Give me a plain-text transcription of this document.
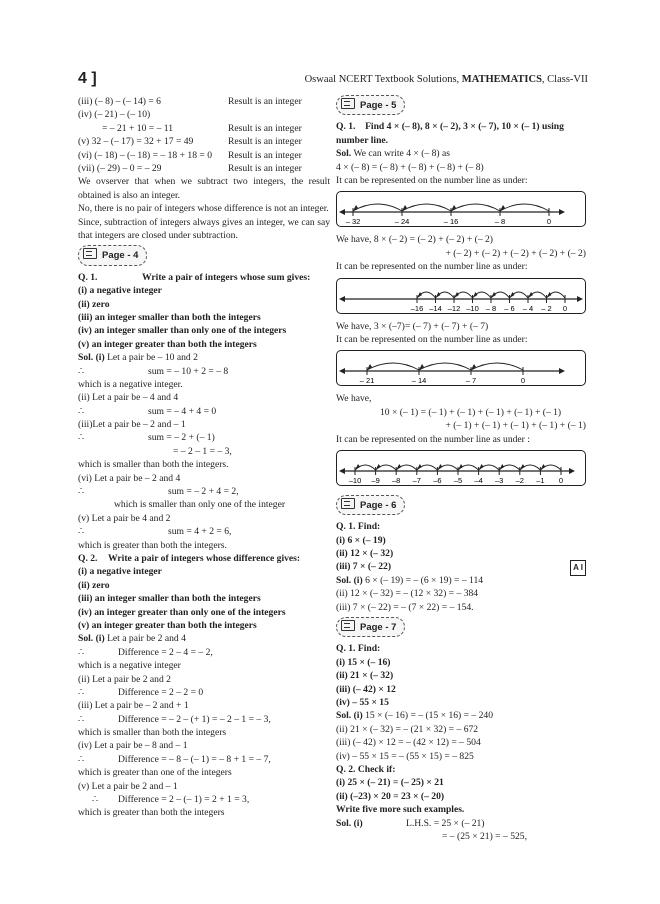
4 ]	Oswaal NCERT Textbook Solutions, MATHEMATICS, Class-VII
(iii) (– 8) – (– 14) = 6	Result is an integer
(iv) (– 21) – (– 10)
= – 21 + 10 = – 11	Result is an integer
(v) 32 – (– 17) = 32 + 17 = 49	Result is an integer
(vi) (– 18) – (– 18) = – 18 + 18 = 0 Result is an integer
(vii) (– 29) – 0 = – 29	Result is an integer
We ovserver that when we subtract two integers, the result obtained is also an integer.
No, there is no pair of integers whose difference is not an integer.
Since, subtraction of integers always gives an integer, we can say that integers are closed under subtraction.
Page - 4
Q. 1.	Write a pair of integers whose sum gives:
(i) a negative integer
(ii) zero
(iii) an integer smaller than both the integers
(iv) an integer smaller than only one of the integers
(v) an integer greater than both the integers
Sol. (i) Let a pair be – 10 and 2
∴	sum = – 10 + 2 = – 8
which is a negative integer.
(ii) Let a pair be – 4 and 4
∴	sum = – 4 + 4 = 0
(iii)Let a pair be – 2 and – 1
∴	sum = – 2 + (– 1)
= – 2 – 1 = – 3,
which is smaller than both the integers.
(vi) Let a pair be – 2 and 4
∴	sum = – 2 + 4 = 2,
which is smaller than only one of the integer
(v) Let a pair be 4 and 2
∴	sum = 4 + 2 = 6,
which is greater than both the integers.
Q. 2. Write a pair of integers whose difference gives:
(i) a negative integer
(ii) zero
(iii) an integer smaller than both the integers
(iv) an integer greater than only one of the integers
(v) an integer greater than both the integers
Sol. (i) Let a pair be 2 and 4
∴	Difference = 2 – 4 = – 2,
which is a negative integer
(ii) Let a pair be 2 and 2
∴	Difference = 2 – 2 = 0
(iii) Let a pair be – 2 and + 1
∴	Difference = – 2 – (+ 1) = – 2 – 1 = – 3,
which is smaller than both the integers
(iv) Let a pair be – 8 and – 1
∴	Difference = – 8 – (– 1) = – 8 + 1 = – 7,
which is greater than one of the integers
(v) Let a pair be 2 and – 1
∴ Difference = 2 – (– 1) = 2 + 1 = 3,
which is greater than both the integers
Page - 5
Q. 1. Find 4 × (– 8), 8 × (– 2), 3 × (– 7), 10 × (– 1) using number line.
Sol. We can write 4 × (– 8) as
4 × (– 8) = (– 8) + (– 8) + (– 8) + (– 8)
It can be represented on the number line as under:
– 32	– 24	– 16	– 8	0
We have, 8 × (– 2) = (– 2) + (– 2) + (– 2)
+ (– 2) + (– 2) + (– 2) + (– 2) + (– 2)
It can be represented on the number line as under:
–16 –14 –12 –10 – 8 – 6 – 4 – 2 0
We have, 3 × (–7)= (– 7) + (– 7) + (– 7)
It can be represented on the number line as under:
– 21	– 14	– 7	0
We have,
10 × (– 1) = (– 1) + (– 1) + (– 1) + (– 1) + (– 1)
+ (– 1) + (– 1) + (– 1) + (– 1) + (– 1)
It can be represented on the number line as under :
–10 –9 –8 –7 –6 –5 –4 –3 –2 –1 0
Page - 6
Q. 1. Find:
(i) 6 × (– 19)
(ii) 12 × (– 32)
(iii) 7 × (– 22)	A I
Sol. (i) 6 × (– 19) = – (6 × 19) = – 114
(ii) 12 × (– 32) = – (12 × 32) = – 384
(iii) 7 × (– 22) = – (7 × 22) = – 154.
Page - 7
Q. 1. Find:
(i) 15 × (– 16)
(ii) 21 × (– 32)
(iii) (– 42) × 12
(iv) – 55 × 15
Sol. (i) 15 × (– 16) = – (15 × 16) = – 240
(ii) 21 × (– 32) = – (21 × 32) = – 672
(iii) (– 42) × 12 = – (42 × 12) = – 504
(iv) – 55 × 15 = – (55 × 15) = – 825
Q. 2. Check if:
(i) 25 × (– 21) = (– 25) × 21
(ii) (–23) × 20 = 23 × (– 20)
Write five more such examples.
Sol. (i)	L.H.S. = 25 × (– 21)
= – (25 × 21) = – 525,
